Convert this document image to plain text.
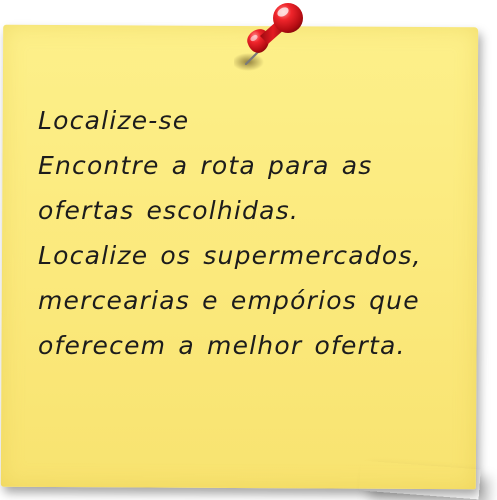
Localize-se
Encontre a rota para as
ofertas escolhidas.
Localize os supermercados,
mercearias e empórios que
oferecem a melhor oferta.
